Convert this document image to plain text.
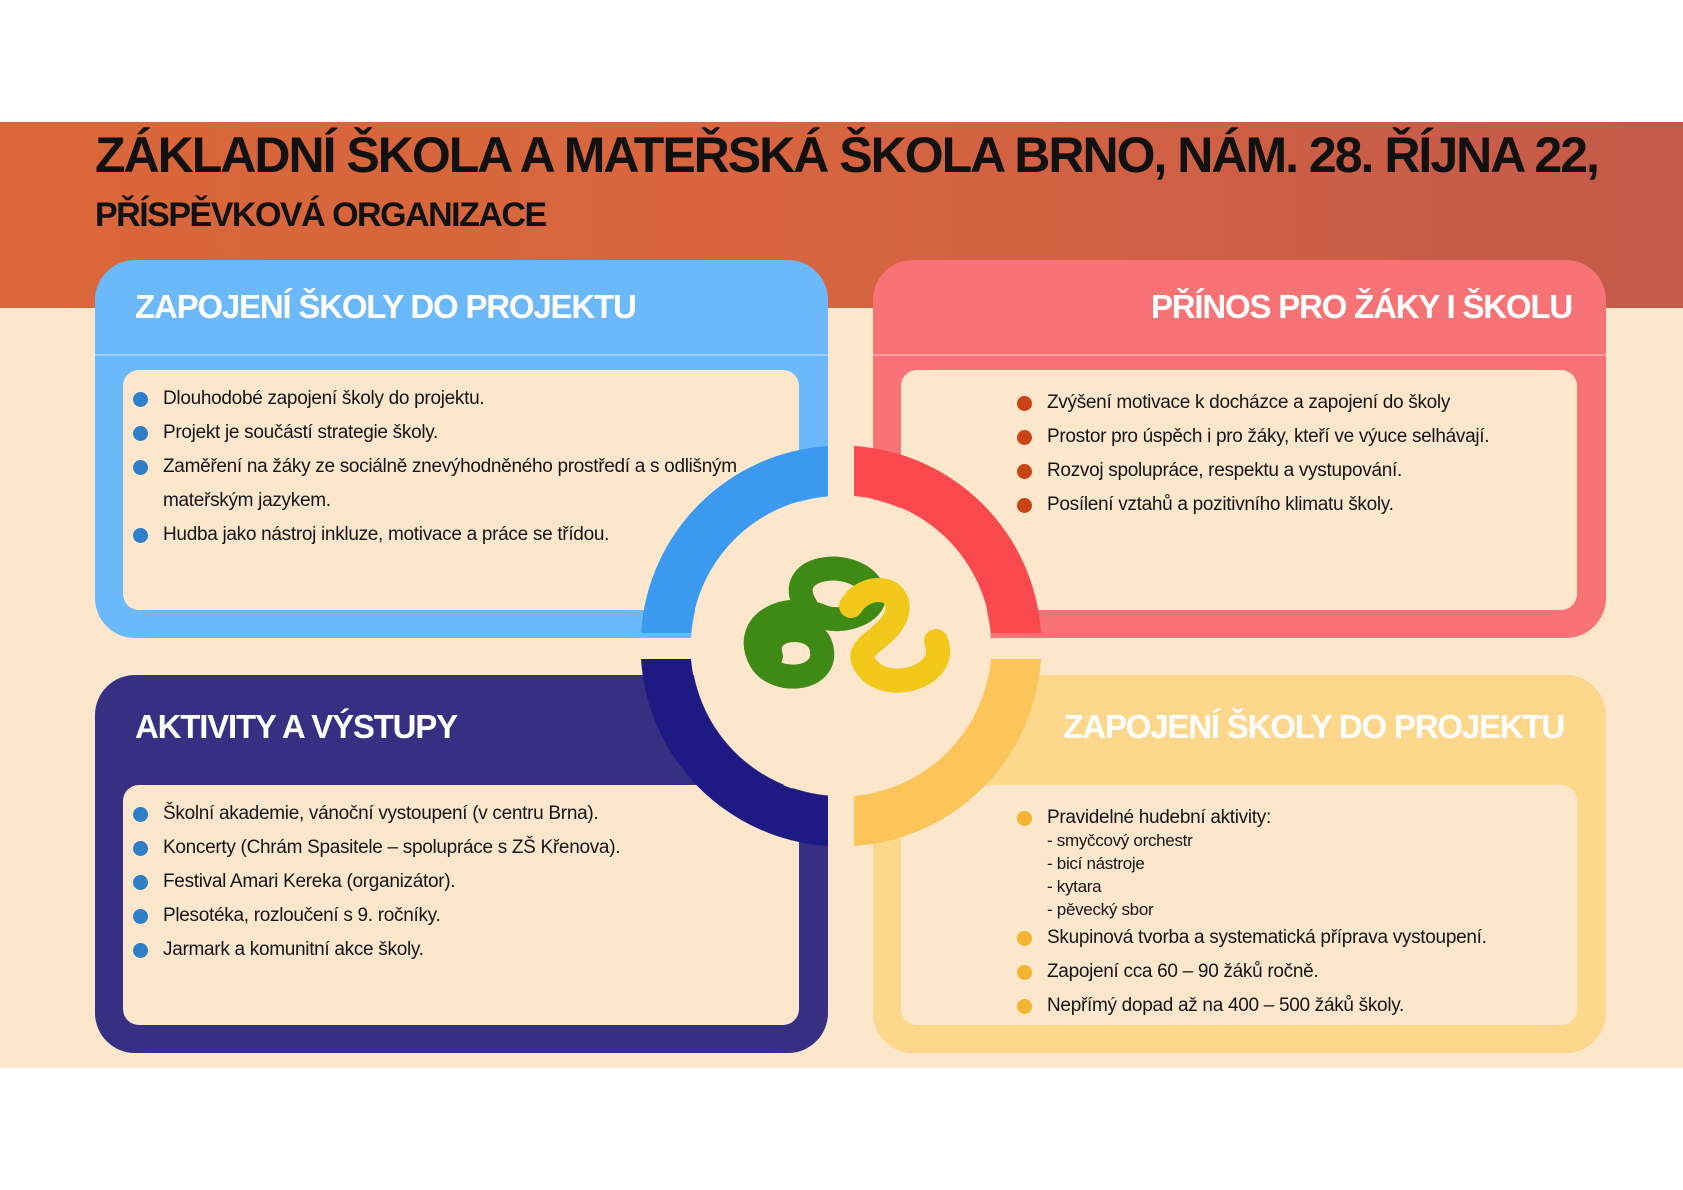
ZÁKLADNÍ ŠKOLA A MATEŘSKÁ ŠKOLA BRNO, NÁM. 28. ŘÍJNA 22,
PŘÍSPĚVKOVÁ ORGANIZACE
ZAPOJENÍ ŠKOLY DO PROJEKTU
Dlouhodobé zapojení školy do projektu.
Projekt je součástí strategie školy.
Zaměření na žáky ze sociálně znevýhodněného prostředí a s odlišným
mateřským jazykem.
Hudba jako nástroj inkluze, motivace a práce se třídou.
PŘÍNOS PRO ŽÁKY I ŠKOLU
Zvýšení motivace k docházce a zapojení do školy
Prostor pro úspěch i pro žáky, kteří ve výuce selhávají.
Rozvoj spolupráce, respektu a vystupování.
Posílení vztahů a pozitivního klimatu školy.
AKTIVITY A VÝSTUPY
Školní akademie, vánoční vystoupení (v centru Brna).
Koncerty (Chrám Spasitele – spolupráce s ZŠ Křenova).
Festival Amari Kereka (organizátor).
Plesotéka, rozloučení s 9. ročníky.
Jarmark a komunitní akce školy.
ZAPOJENÍ ŠKOLY DO PROJEKTU
Pravidelné hudební aktivity:
- smyčcový orchestr
- bicí nástroje
- kytara
- pěvecký sbor
Skupinová tvorba a systematická příprava vystoupení.
Zapojení cca 60 – 90 žáků ročně.
Nepřímý dopad až na 400 – 500 žáků školy.
